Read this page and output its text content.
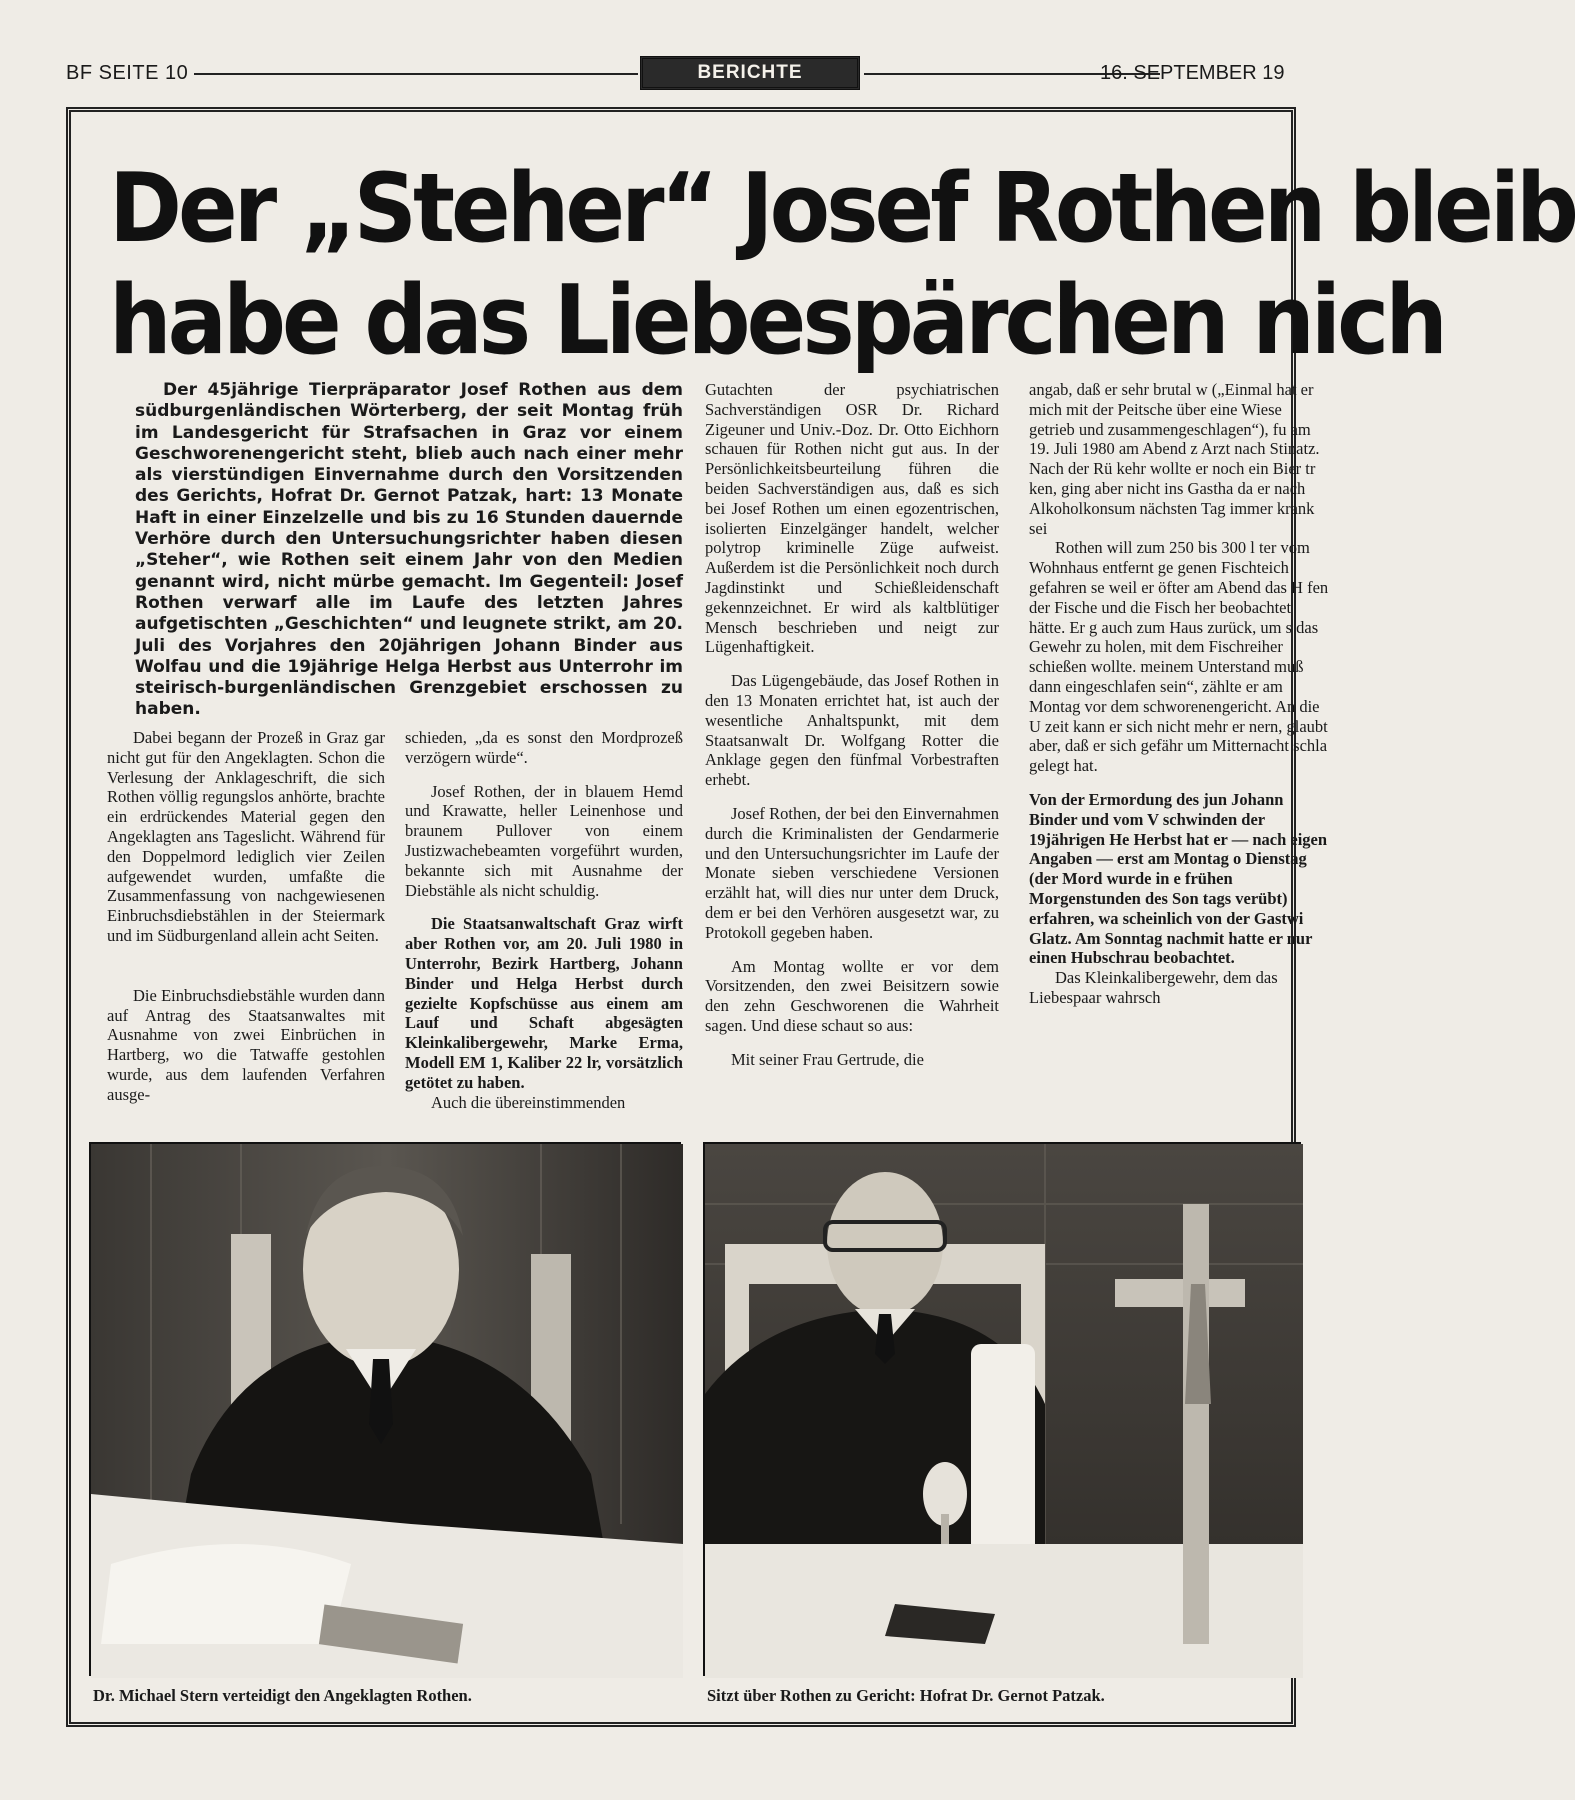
BF SEITE 10	BERICHTE	16. SEPTEMBER 19
Der „Steher“ Josef Rothen bleib
habe das Liebespärchen nich

Der 45jährige Tierpräparator Josef Rothen aus dem südburgenländischen Wörterberg, der seit Montag früh im Landesgericht für Strafsachen in Graz vor einem Geschworenengericht steht, blieb auch nach einer mehr als vierstündigen Einvernahme durch den Vorsitzenden des Gerichts, Hofrat Dr. Gernot Patzak, hart: 13 Monate Haft in einer Einzelzelle und bis zu 16 Stunden dauernde Verhöre durch den Untersuchungsrichter haben diesen „Steher“, wie Rothen seit einem Jahr von den Medien genannt wird, nicht mürbe gemacht. Im Gegenteil: Josef Rothen verwarf alle im Laufe des letzten Jahres aufgetischten „Geschichten“ und leugnete strikt, am 20. Juli des Vorjahres den 20jährigen Johann Binder aus Wolfau und die 19jährige Helga Herbst aus Unterrohr im steirisch-burgenländischen Grenzgebiet erschossen zu haben.

Dabei begann der Prozeß in Graz gar nicht gut für den Angeklagten. Schon die Verlesung der Anklageschrift, die sich Rothen völlig regungslos anhörte, brachte ein erdrückendes Material gegen den Angeklagten ans Tageslicht. Während für den Doppelmord lediglich vier Zeilen aufgewendet wurden, umfaßte die Zusammenfassung von nachgewiesenen Einbruchsdiebstählen in der Steiermark und im Südburgenland allein acht Seiten.

Die Einbruchsdiebstähle wurden dann auf Antrag des Staatsanwaltes mit Ausnahme von zwei Einbrüchen in Hartberg, wo die Tatwaffe gestohlen wurde, aus dem laufenden Verfahren ausge-

schieden, „da es sonst den Mordprozeß verzögern würde“.

Josef Rothen, der in blauem Hemd und Krawatte, heller Leinenhose und braunem Pullover von einem Justizwachebeamten vorgeführt wurden, bekannte sich mit Ausnahme der Diebstähle als nicht schuldig.

Die Staatsanwaltschaft Graz wirft aber Rothen vor, am 20. Juli 1980 in Unterrohr, Bezirk Hartberg, Johann Binder und Helga Herbst durch gezielte Kopfschüsse aus einem am Lauf und Schaft abgesägten Kleinkalibergewehr, Marke Erma, Modell EM 1, Kaliber 22 lr, vorsätzlich getötet zu haben.

Auch die übereinstimmenden

Gutachten der psychiatrischen Sachverständigen OSR Dr. Richard Zigeuner und Univ.-Doz. Dr. Otto Eichhorn schauen für Rothen nicht gut aus. In der Persönlichkeitsbeurteilung führen die beiden Sachverständigen aus, daß es sich bei Josef Rothen um einen egozentrischen, isolierten Einzelgänger handelt, welcher polytrop kriminelle Züge aufweist. Außerdem ist die Persönlichkeit noch durch Jagdinstinkt und Schießleidenschaft gekennzeichnet. Er wird als kaltblütiger Mensch beschrieben und neigt zur Lügenhaftigkeit.

Das Lügengebäude, das Josef Rothen in den 13 Monaten errichtet hat, ist auch der wesentliche Anhaltspunkt, mit dem Staatsanwalt Dr. Wolfgang Rotter die Anklage gegen den fünfmal Vorbestraften erhebt.

Josef Rothen, der bei den Einvernahmen durch die Kriminalisten der Gendarmerie und den Untersuchungsrichter im Laufe der Monate sieben verschiedene Versionen erzählt hat, will dies nur unter dem Druck, dem er bei den Verhören ausgesetzt war, zu Protokoll gegeben haben.

Am Montag wollte er vor dem Vorsitzenden, den zwei Beisitzern sowie den zehn Geschworenen die Wahrheit sagen. Und diese schaut so aus:

Mit seiner Frau Gertrude, die

angab, daß er sehr brutal w („Einmal hat er mich mit der Peitsche über eine Wiese getrieb und zusammengeschlagen“), fu am 19. Juli 1980 am Abend z Arzt nach Stinatz. Nach der Rü kehr wollte er noch ein Bier tr ken, ging aber nicht ins Gastha da er nach Alkoholkonsum nächsten Tag immer krank sei

Rothen will zum 250 bis 300 l ter vom Wohnhaus entfernt ge genen Fischteich gefahren se weil er öfter am Abend das H fen der Fische und die Fisch her beobachtet hätte. Er g auch zum Haus zurück, um s das Gewehr zu holen, mit dem Fischreiher schießen wollte. meinem Unterstand muß dann eingeschlafen sein“, zählte er am Montag vor dem schworenengericht. An die U zeit kann er sich nicht mehr er nern, glaubt aber, daß er sich gefähr um Mitternacht schla gelegt hat.

Von der Ermordung des jun Johann Binder und vom V schwinden der 19jährigen He Herbst hat er — nach eigen Angaben — erst am Montag o Dienstag (der Mord wurde in e frühen Morgenstunden des Son tags verübt) erfahren, wa scheinlich von der Gastwi Glatz. Am Sonntag nachmit hatte er nur einen Hubschrau beobachtet.

Das Kleinkalibergewehr, dem das Liebespaar wahrsch

Dr. Michael Stern verteidigt den Angeklagten Rothen.	Sitzt über Rothen zu Gericht: Hofrat Dr. Gernot Patzak.
